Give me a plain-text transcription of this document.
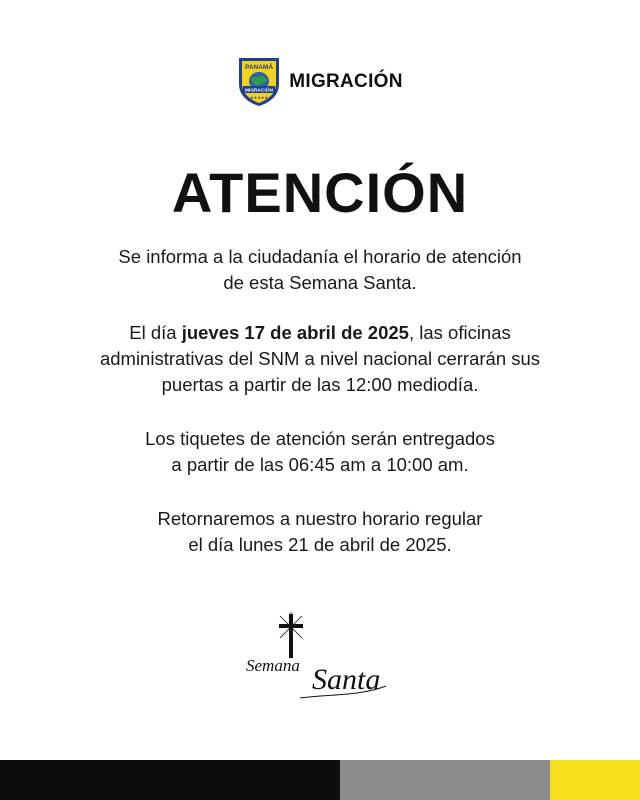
PANAMÁ
MIGRACIÓN
★★★★★
MIGRACIÓN
ATENCIÓN
Se informa a la ciudadanía el horario de atención
de esta Semana Santa.
El día jueves 17 de abril de 2025, las oficinas
administrativas del SNM a nivel nacional cerrarán sus
puertas a partir de las 12:00 mediodía.
Los tiquetes de atención serán entregados
a partir de las 06:45 am a 10:00 am.
Retornaremos a nuestro horario regular
el día lunes 21 de abril de 2025.
Semana Santa
